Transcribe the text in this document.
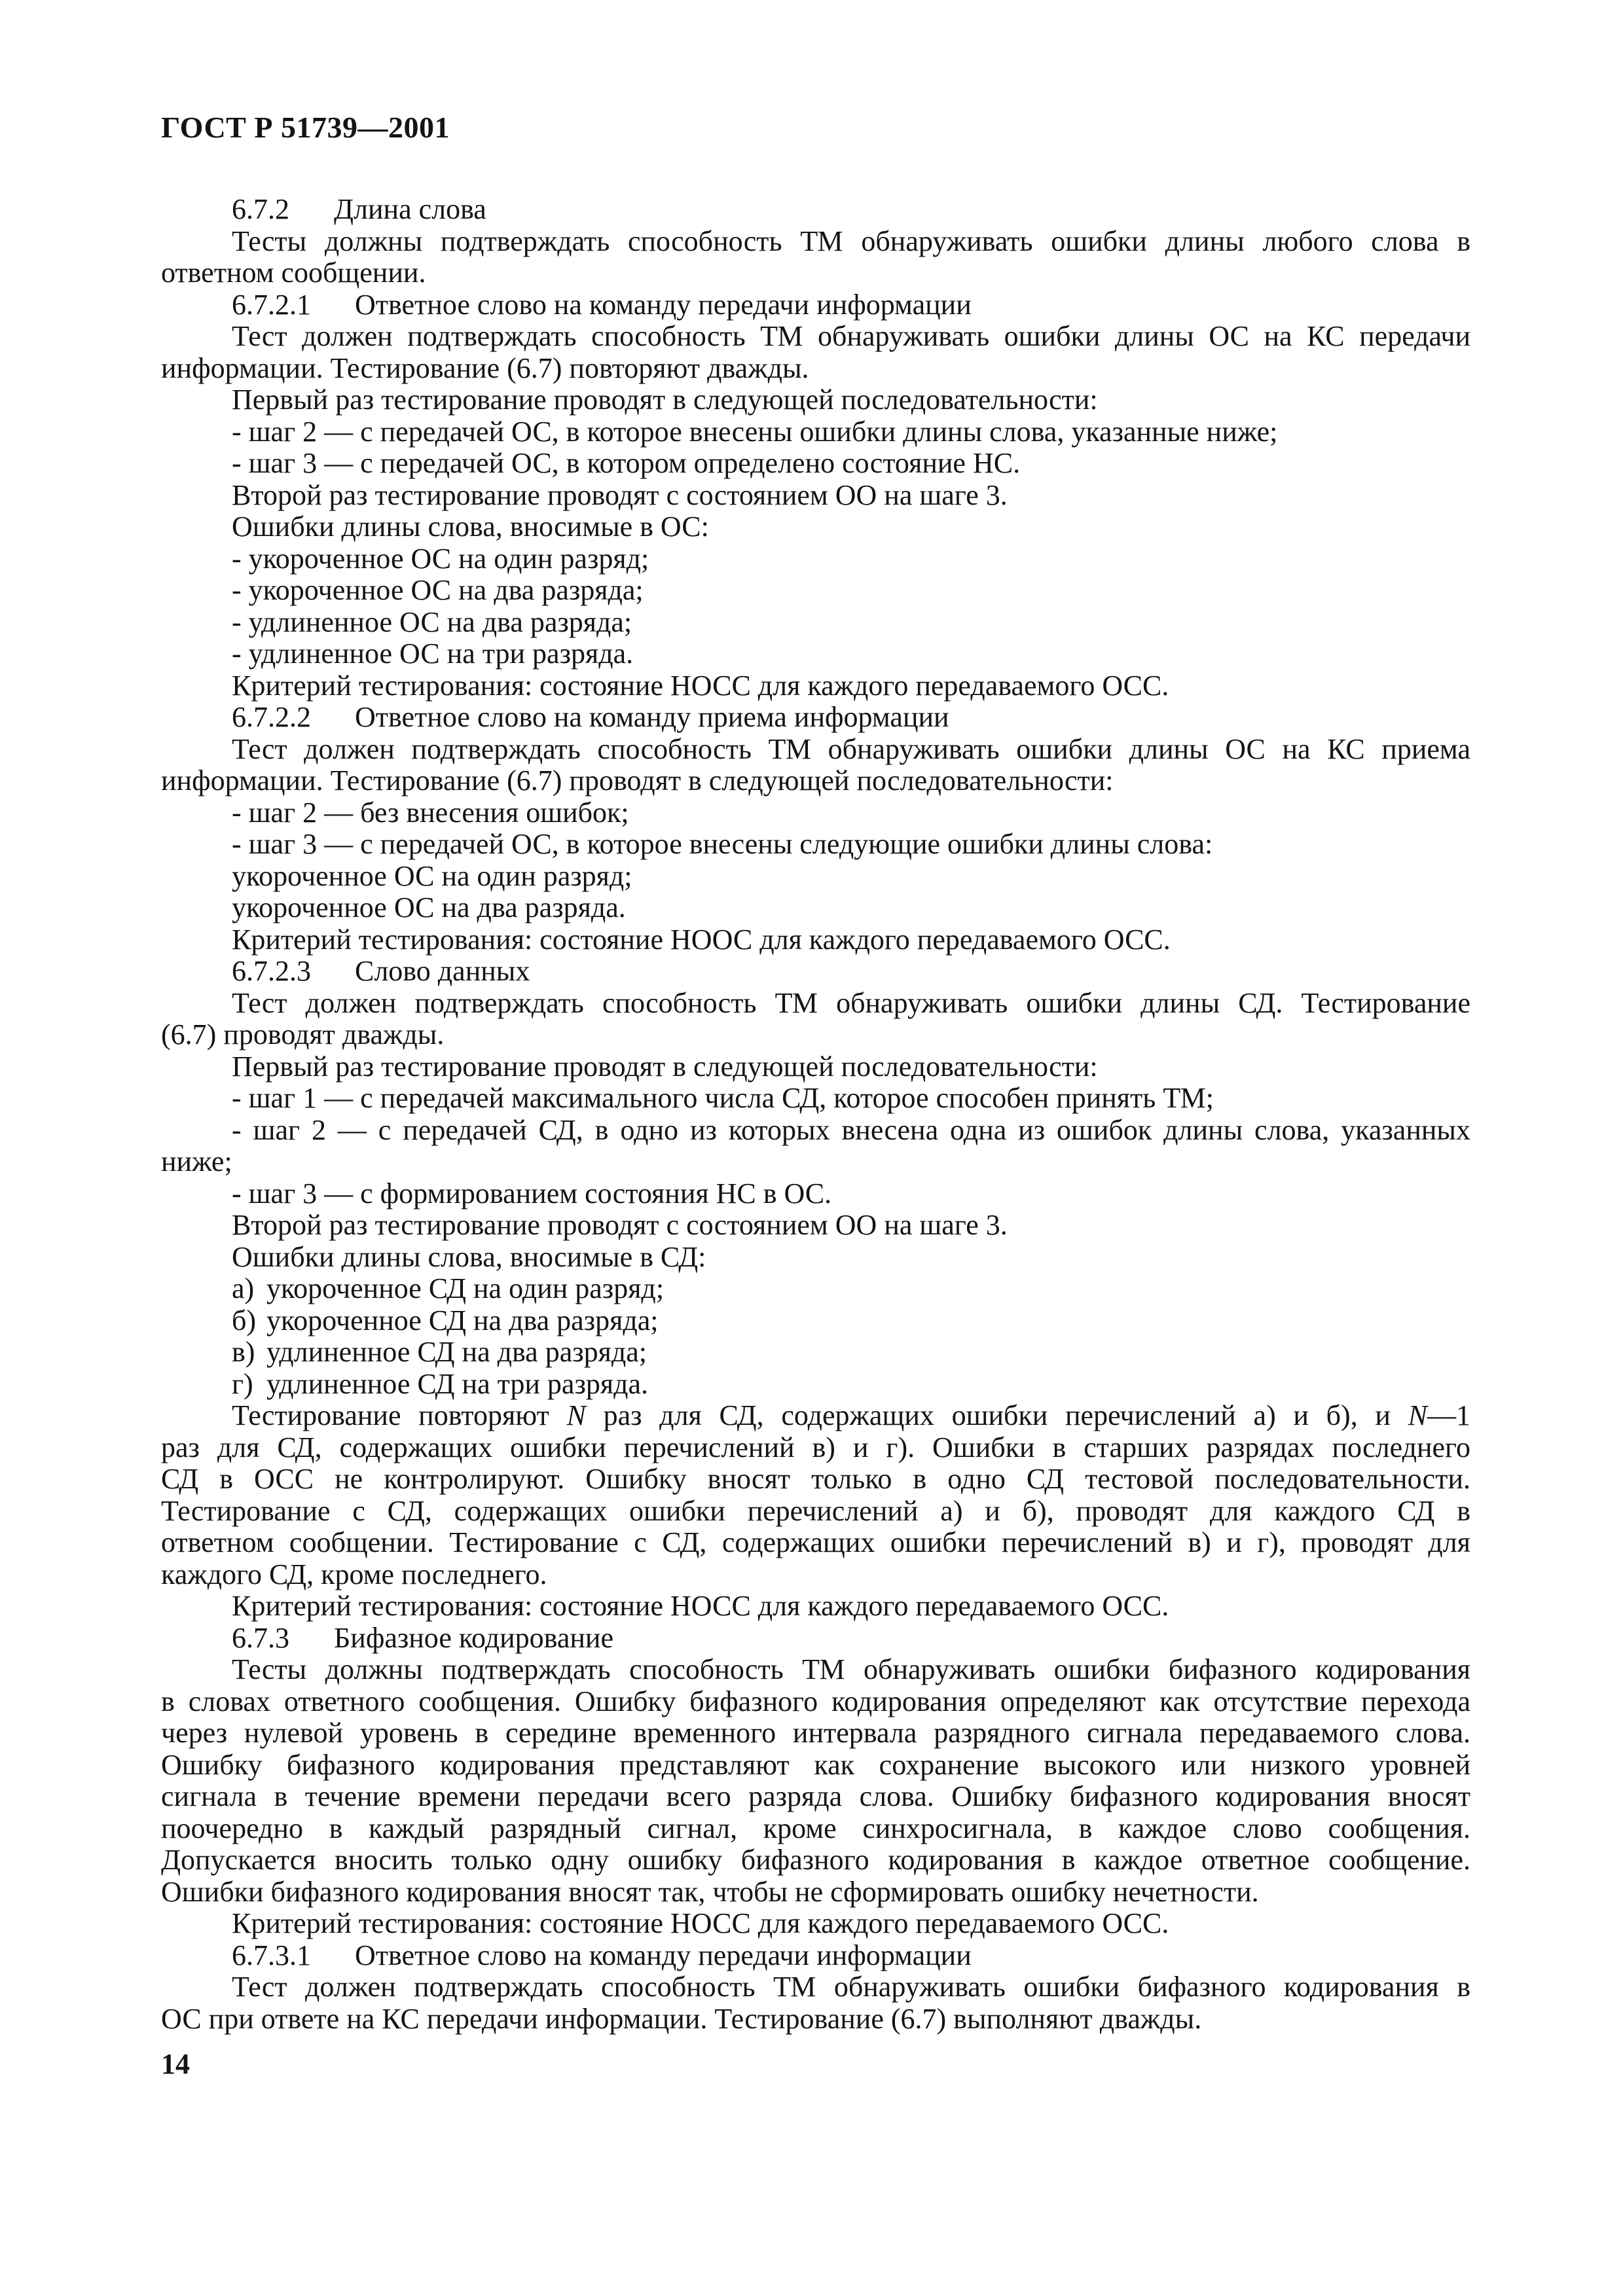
ГОСТ Р 51739—2001
6.7.2 Длина слова
Тесты должны подтверждать способность ТМ обнаруживать ошибки длины любого слова в
ответном сообщении.
6.7.2.1 Ответное слово на команду передачи информации
Тест должен подтверждать способность ТМ обнаруживать ошибки длины ОС на КС передачи
информации. Тестирование (6.7) повторяют дважды.
Первый раз тестирование проводят в следующей последовательности:
- шаг 2 — с передачей ОС, в которое внесены ошибки длины слова, указанные ниже;
- шаг 3 — с передачей ОС, в котором определено состояние НС.
Второй раз тестирование проводят с состоянием ОО на шаге 3.
Ошибки длины слова, вносимые в ОС:
- укороченное ОС на один разряд;
- укороченное ОС на два разряда;
- удлиненное ОС на два разряда;
- удлиненное ОС на три разряда.
Критерий тестирования: состояние НОСС для каждого передаваемого ОСС.
6.7.2.2 Ответное слово на команду приема информации
Тест должен подтверждать способность ТМ обнаруживать ошибки длины ОС на КС приема
информации. Тестирование (6.7) проводят в следующей последовательности:
- шаг 2 — без внесения ошибок;
- шаг 3 — с передачей ОС, в которое внесены следующие ошибки длины слова:
укороченное ОС на один разряд;
укороченное ОС на два разряда.
Критерий тестирования: состояние НООС для каждого передаваемого ОСС.
6.7.2.3 Слово данных
Тест должен подтверждать способность ТМ обнаруживать ошибки длины СД. Тестирование
(6.7) проводят дважды.
Первый раз тестирование проводят в следующей последовательности:
- шаг 1 — с передачей максимального числа СД, которое способен принять ТМ;
- шаг 2 — с передачей СД, в одно из которых внесена одна из ошибок длины слова, указанных
ниже;
- шаг 3 — с формированием состояния НС в ОС.
Второй раз тестирование проводят с состоянием ОО на шаге 3.
Ошибки длины слова, вносимые в СД:
а) укороченное СД на один разряд;
б) укороченное СД на два разряда;
в) удлиненное СД на два разряда;
г) удлиненное СД на три разряда.
Тестирование повторяют N раз для СД, содержащих ошибки перечислений а) и б), и N—1
раз для СД, содержащих ошибки перечислений в) и г). Ошибки в старших разрядах последнего
СД в ОСС не контролируют. Ошибку вносят только в одно СД тестовой последовательности.
Тестирование с СД, содержащих ошибки перечислений а) и б), проводят для каждого СД в
ответном сообщении. Тестирование с СД, содержащих ошибки перечислений в) и г), проводят для
каждого СД, кроме последнего.
Критерий тестирования: состояние НОСС для каждого передаваемого ОСС.
6.7.3 Бифазное кодирование
Тесты должны подтверждать способность ТМ обнаруживать ошибки бифазного кодирования
в словах ответного сообщения. Ошибку бифазного кодирования определяют как отсутствие перехода
через нулевой уровень в середине временного интервала разрядного сигнала передаваемого слова.
Ошибку бифазного кодирования представляют как сохранение высокого или низкого уровней
сигнала в течение времени передачи всего разряда слова. Ошибку бифазного кодирования вносят
поочередно в каждый разрядный сигнал, кроме синхросигнала, в каждое слово сообщения.
Допускается вносить только одну ошибку бифазного кодирования в каждое ответное сообщение.
Ошибки бифазного кодирования вносят так, чтобы не сформировать ошибку нечетности.
Критерий тестирования: состояние НОСС для каждого передаваемого ОСС.
6.7.3.1 Ответное слово на команду передачи информации
Тест должен подтверждать способность ТМ обнаруживать ошибки бифазного кодирования в
ОС при ответе на КС передачи информации. Тестирование (6.7) выполняют дважды.
14
